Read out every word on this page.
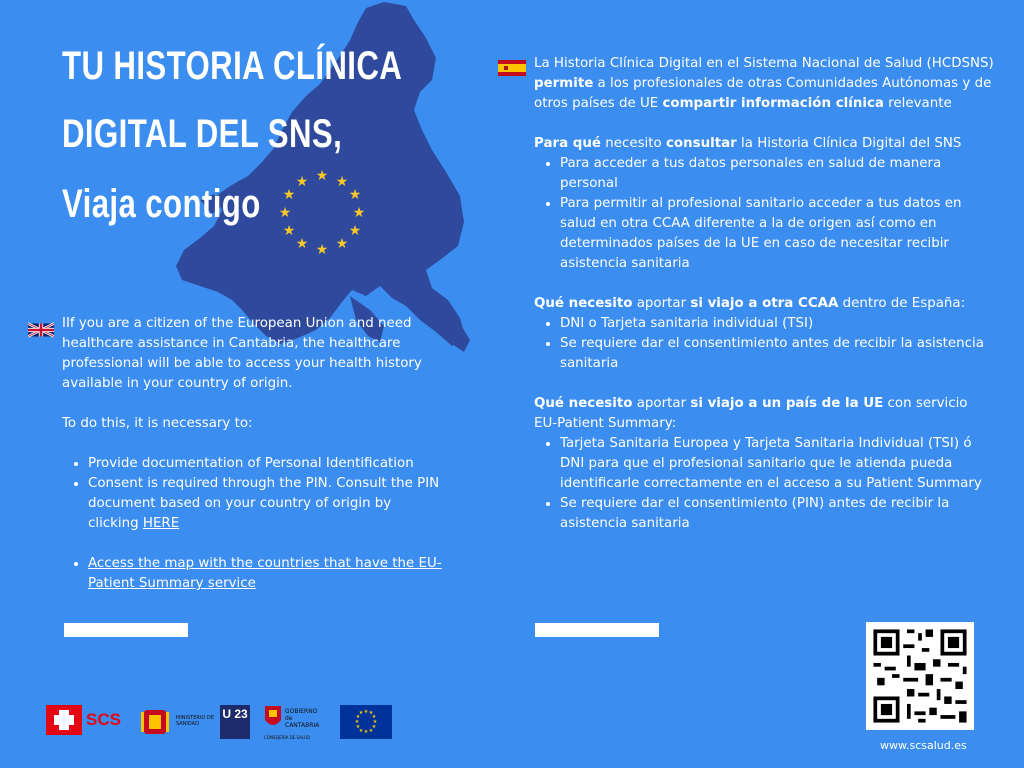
★
★ ★
★	★
★	★
★	★
★ ★
★
TU HISTORIA CLÍNICA
DIGITAL DEL SNS,
Viaja contigo

IIf you are a citizen of the European Union and need healthcare assistance in Cantabria, the healthcare professional will be able to access your health history available in your country of origin.

To do this, it is necessary to:

• Provide documentation of Personal Identification
• Consent is required through the PIN. Consult the PIN document based on your country of origin by clicking HERE
• Access the map with the countries that have the EU-Patient Summary service

La Historia Clínica Digital en el Sistema Nacional de Salud (HCDSNS) permite a los profesionales de otras Comunidades Autónomas y de otros países de UE compartir información clínica relevante

Para qué necesito consultar la Historia Clínica Digital del SNS

• Para acceder a tus datos personales en salud de manera personal
• Para permitir al profesional sanitario acceder a tus datos en salud en otra CCAA diferente a la de origen así como en determinados países de la UE en caso de necesitar recibir asistencia sanitaria

Qué necesito aportar si viajo a otra CCAA dentro de España:

• DNI o Tarjeta sanitaria individual (TSI)
• Se requiere dar el consentimiento antes de recibir la asistencia sanitaria

Qué necesito aportar si viajo a un país de la UE con servicio EU-Patient Summary:

• Tarjeta Sanitaria Europea y Tarjeta Sanitaria Individual (TSI) ó DNI para que el profesional sanitario que le atienda pueda identificarle correctamente en el acceso a su Patient Summary
• Se requiere dar el consentimiento (PIN) antes de recibir la asistencia sanitaria
SCS	MINISTERIO DE SANIDAD
U 23	GOBIERNO de CANTABRIA
CONSEJERÍA DE SALUD
★ ★
★
★
★
★
★
★
★
★
★
★
www.scsalud.es
